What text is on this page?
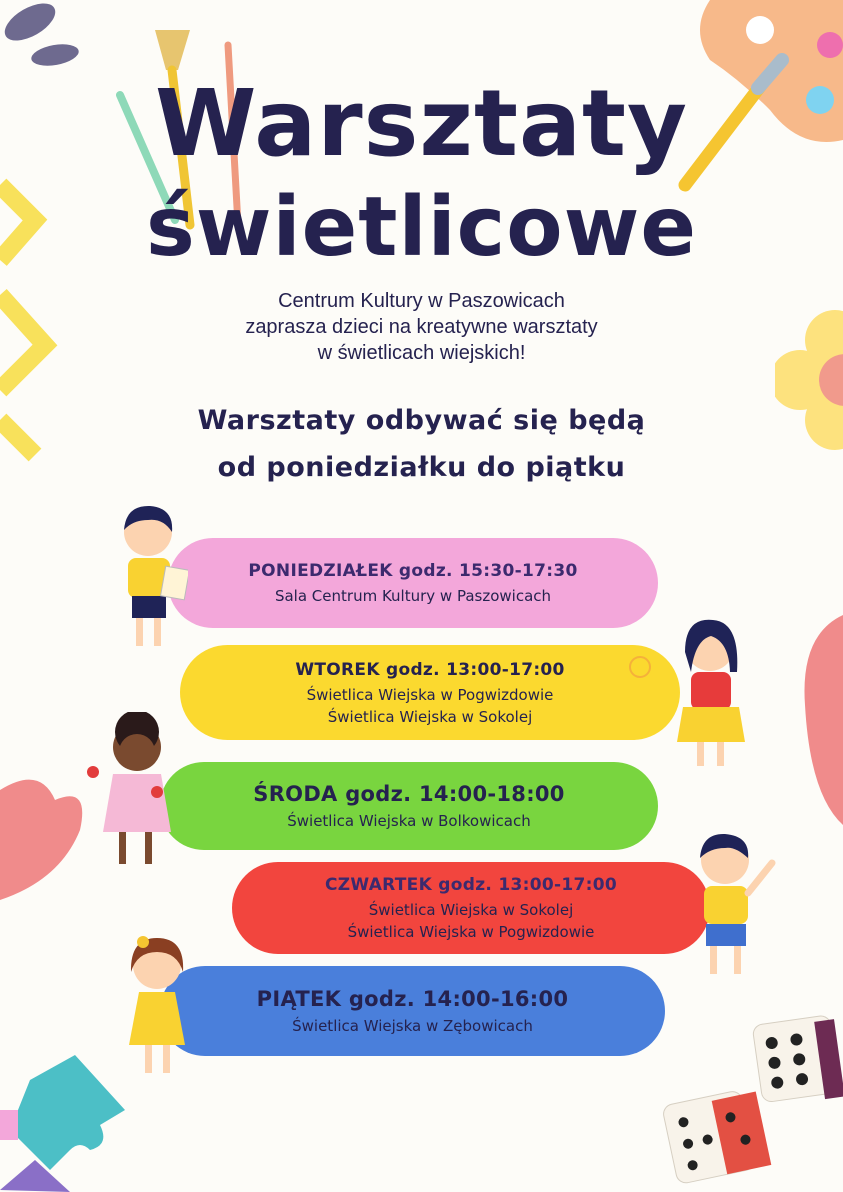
Warsztaty
świetlicowe
Centrum Kultury w Paszowicach
zaprasza dzieci na kreatywne warsztaty
w świetlicach wiejskich!
Warsztaty odbywać się będą
od poniedziałku do piątku
PONIEDZIAŁEK godz. 15:30-17:30
Sala Centrum Kultury w Paszowicach
WTOREK godz. 13:00-17:00
Świetlica Wiejska w Pogwizdowie
Świetlica Wiejska w Sokolej
ŚRODA godz. 14:00-18:00
Świetlica Wiejska w Bolkowicach
CZWARTEK godz. 13:00-17:00
Świetlica Wiejska w Sokolej
Świetlica Wiejska w Pogwizdowie
PIĄTEK godz. 14:00-16:00
Świetlica Wiejska w Zębowicach
